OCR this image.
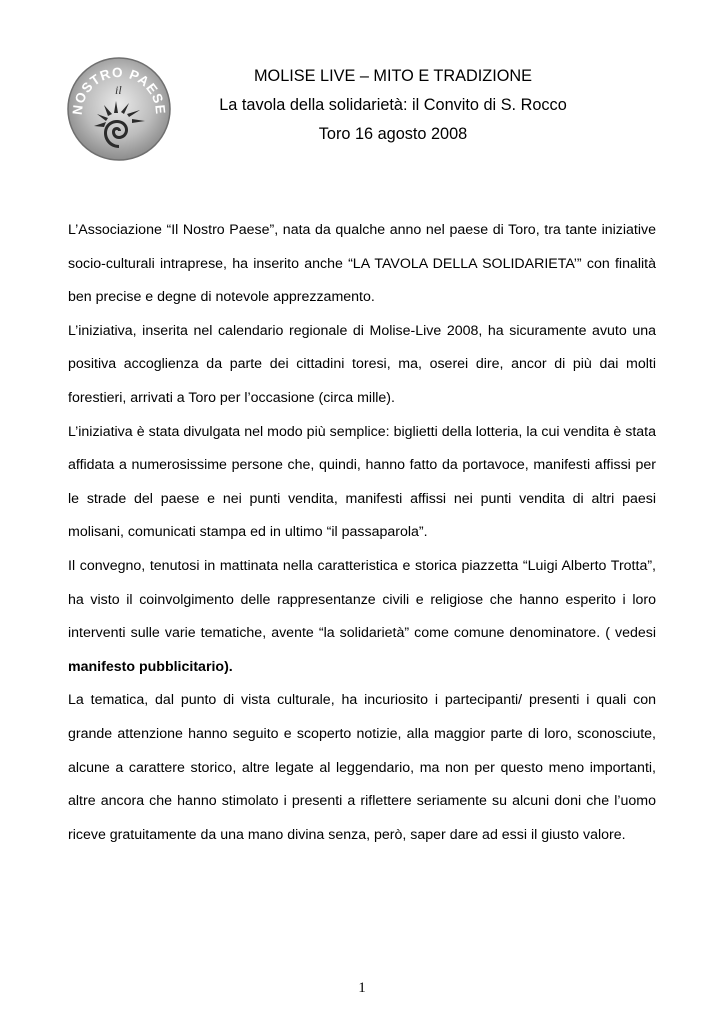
NOSTRO PAESE
il
MOLISE LIVE – MITO E TRADIZIONE
La tavola della solidarietà: il Convito di S. Rocco
Toro 16 agosto 2008

L’Associazione “Il Nostro Paese”, nata da qualche anno nel paese di Toro, tra tante iniziative socio-culturali intraprese, ha inserito anche “LA TAVOLA DELLA SOLIDARIETA’” con finalità ben precise e degne di notevole apprezzamento.

L’iniziativa, inserita nel calendario regionale di Molise-Live 2008, ha sicuramente avuto una positiva accoglienza da parte dei cittadini toresi, ma, oserei dire, ancor di più dai molti forestieri, arrivati a Toro per l’occasione (circa mille).

L’iniziativa è stata divulgata nel modo più semplice: biglietti della lotteria, la cui vendita è stata affidata a numerosissime persone che, quindi, hanno fatto da portavoce, manifesti affissi per le strade del paese e nei punti vendita, manifesti affissi nei punti vendita di altri paesi molisani, comunicati stampa ed in ultimo “il passaparola”.

Il convegno, tenutosi in mattinata nella caratteristica e storica piazzetta “Luigi Alberto Trotta”, ha visto il coinvolgimento delle rappresentanze civili e religiose che hanno esperito i loro interventi sulle varie tematiche, avente “la solidarietà” come comune denominatore. ( vedesi manifesto pubblicitario).

La tematica, dal punto di vista culturale, ha incuriosito i partecipanti/ presenti i quali con grande attenzione hanno seguito e scoperto notizie, alla maggior parte di loro, sconosciute, alcune a carattere storico, altre legate al leggendario, ma non per questo meno importanti, altre ancora che hanno stimolato i presenti a riflettere seriamente su alcuni doni che l’uomo riceve gratuitamente da una mano divina senza, però, saper dare ad essi il giusto valore.

1
